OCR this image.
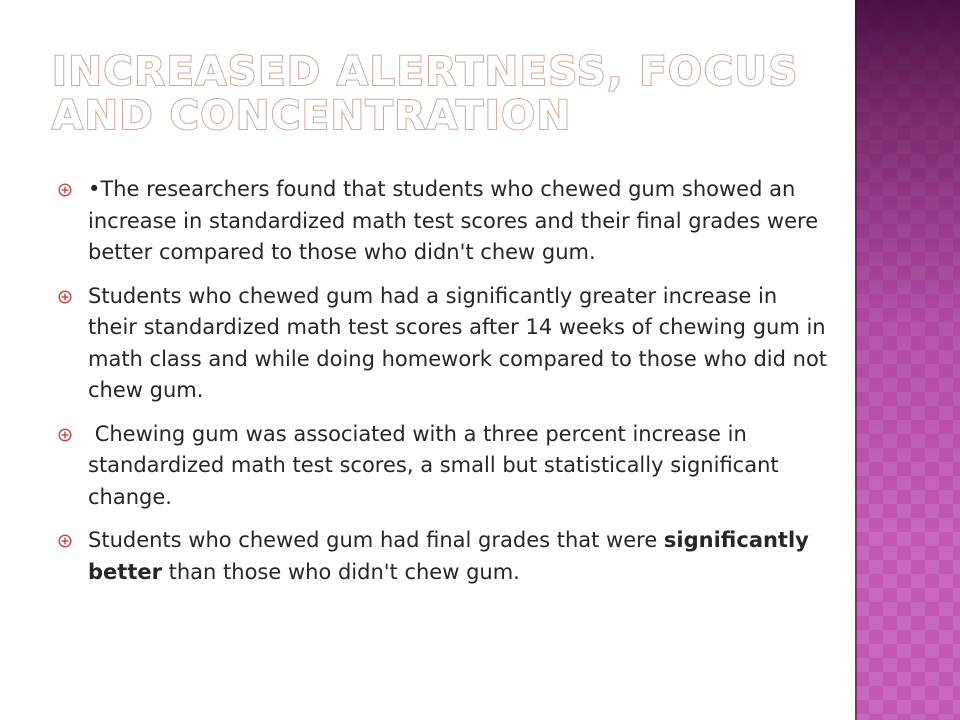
INCREASED ALERTNESS, FOCUS AND CONCENTRATION
•The researchers found that students who chewed gum showed an increase in standardized math test scores and their final grades were better compared to those who didn't chew gum.
Students who chewed gum had a significantly greater increase in their standardized math test scores after 14 weeks of chewing gum in math class and while doing homework compared to those who did not chew gum.
Chewing gum was associated with a three percent increase in standardized math test scores, a small but statistically significant change.
Students who chewed gum had final grades that were significantly better than those who didn't chew gum.
